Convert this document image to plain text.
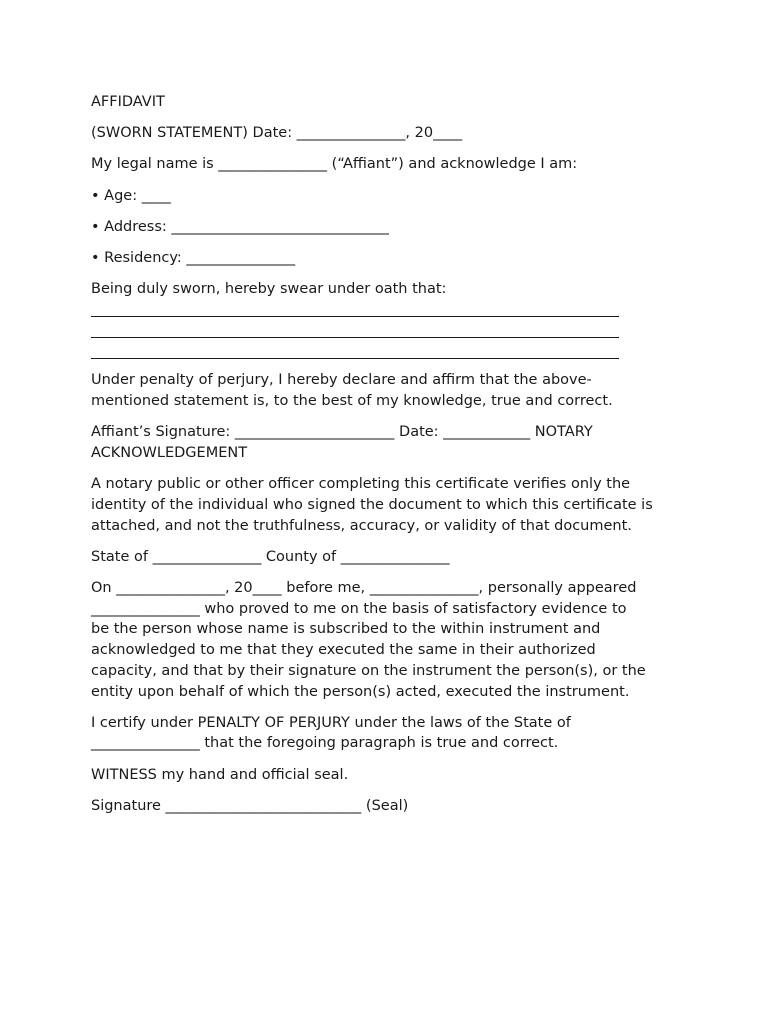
AFFIDAVIT

(SWORN STATEMENT) Date: _______________, 20____

My legal name is _______________ (“Affiant”) and acknowledge I am:

• Age: ____

• Address: ______________________________

• Residency: _______________

Being duly sworn, hereby swear under oath that:

Under penalty of perjury, I hereby declare and affirm that the above-
mentioned statement is, to the best of my knowledge, true and correct.

Affiant’s Signature: ______________________ Date: ____________ NOTARY
ACKNOWLEDGEMENT

A notary public or other officer completing this certificate verifies only the
identity of the individual who signed the document to which this certificate is
attached, and not the truthfulness, accuracy, or validity of that document.

State of _______________ County of _______________

On _______________, 20____ before me, _______________, personally appeared
_______________ who proved to me on the basis of satisfactory evidence to
be the person whose name is subscribed to the within instrument and
acknowledged to me that they executed the same in their authorized
capacity, and that by their signature on the instrument the person(s), or the
entity upon behalf of which the person(s) acted, executed the instrument.

I certify under PENALTY OF PERJURY under the laws of the State of
_______________ that the foregoing paragraph is true and correct.

WITNESS my hand and official seal.

Signature ___________________________ (Seal)
